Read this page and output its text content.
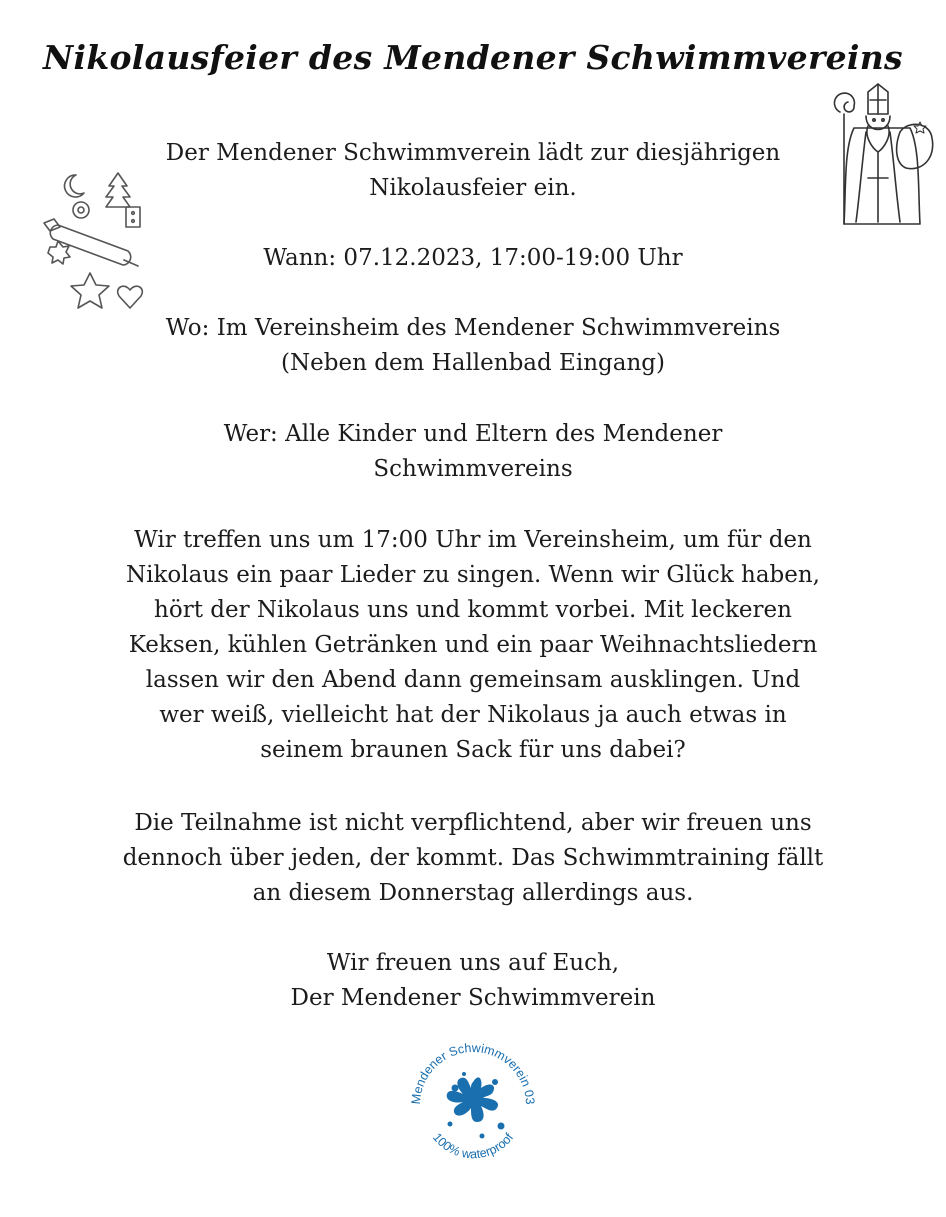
Nikolausfeier des Mendener Schwimmvereins
Der Mendener Schwimmverein lädt zur diesjährigen
Nikolausfeier ein.
Wann: 07.12.2023, 17:00-19:00 Uhr
Wo: Im Vereinsheim des Mendener Schwimmvereins
(Neben dem Hallenbad Eingang)
Wer: Alle Kinder und Eltern des Mendener
Schwimmvereins
Wir treffen uns um 17:00 Uhr im Vereinsheim, um für den
Nikolaus ein paar Lieder zu singen. Wenn wir Glück haben,
hört der Nikolaus uns und kommt vorbei. Mit leckeren
Keksen, kühlen Getränken und ein paar Weihnachtsliedern
lassen wir den Abend dann gemeinsam ausklingen. Und
wer weiß, vielleicht hat der Nikolaus ja auch etwas in
seinem braunen Sack für uns dabei?
Die Teilnahme ist nicht verpflichtend, aber wir freuen uns
dennoch über jeden, der kommt. Das Schwimmtraining fällt
an diesem Donnerstag allerdings aus.
Wir freuen uns auf Euch,
Der Mendener Schwimmverein
Mendener Schwimmverein 03
100% waterproof
